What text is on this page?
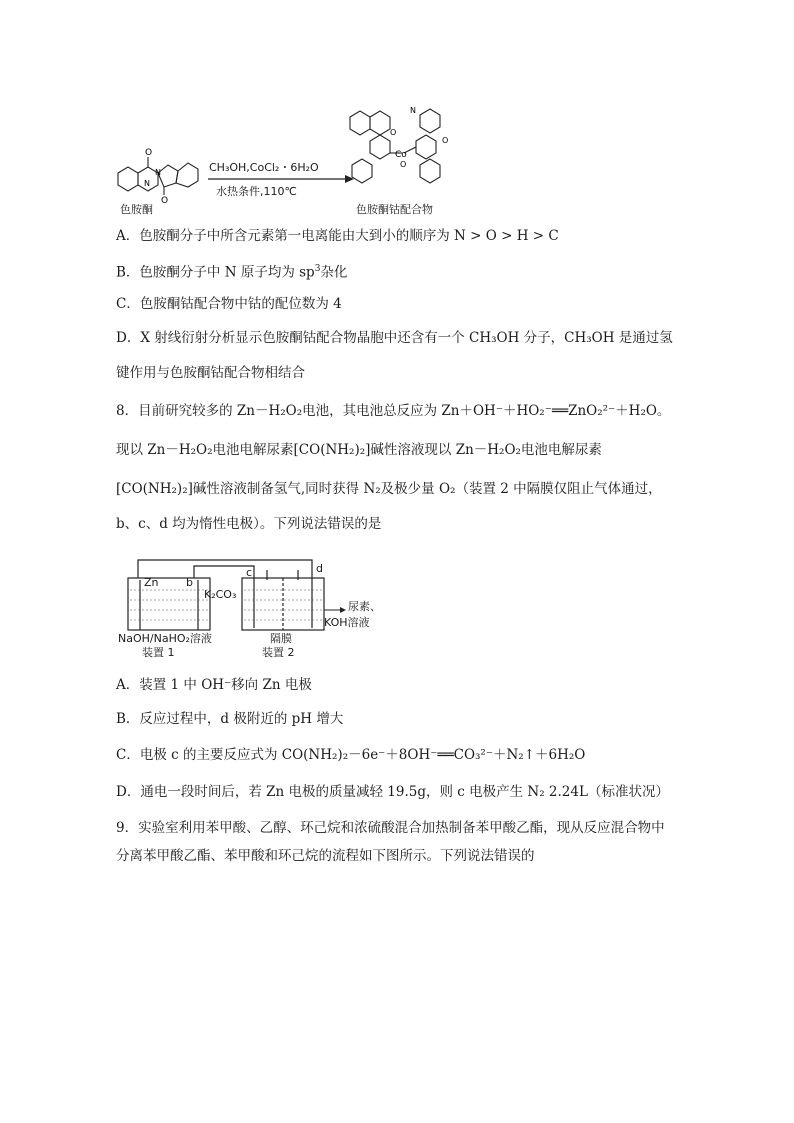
O
O
N
N
Co
O
O
O
N
CH₃OH,CoCl₂・6H₂O
水热条件,110℃
色胺酮	色胺酮钴配合物
A．色胺酮分子中所含元素第一电离能由大到小的顺序为 N > O > H > C
B．色胺酮分子中 N 原子均为 $sp^3$杂化
C．色胺酮钴配合物中钴的配位数为 4
D．X 射线衍射分析显示色胺酮钴配合物晶胞中还含有一个 CH₃OH 分子，CH₃OH 是通过氢
键作用与色胺酮钴配合物相结合
8．目前研究较多的 Zn－H₂O₂电池，其电池总反应为 Zn＋OH⁻＋HO₂⁻══ZnO₂²⁻＋H₂O。
现以 Zn－H₂O₂电池电解尿素[CO(NH₂)₂]碱性溶液现以 Zn－H₂O₂电池电解尿素
[CO(NH₂)₂]碱性溶液制备氢气,同时获得 N₂及极少量 O₂（装置 2 中隔膜仅阻止气体通过，
b、c、d 均为惰性电极）。下列说法错误的是
Zn b
c	d
K₂CO₃
尿素、
KOH溶液
NaOH/NaHO₂溶液
装置 1
隔膜
装置 2
A．装置 1 中 OH⁻移向 Zn 电极
B．反应过程中，d 极附近的 pH 增大
C．电极 c 的主要反应式为 CO(NH₂)₂－6e⁻＋8OH⁻══CO₃²⁻＋N₂↑＋6H₂O
D．通电一段时间后，若 Zn 电极的质量减轻 19.5g，则 c 电极产生 N₂ 2.24L（标准状况）
9．实验室利用苯甲酸、乙醇、环己烷和浓硫酸混合加热制备苯甲酸乙酯，现从反应混合物中
分离苯甲酸乙酯、苯甲酸和环己烷的流程如下图所示。下列说法错误的
